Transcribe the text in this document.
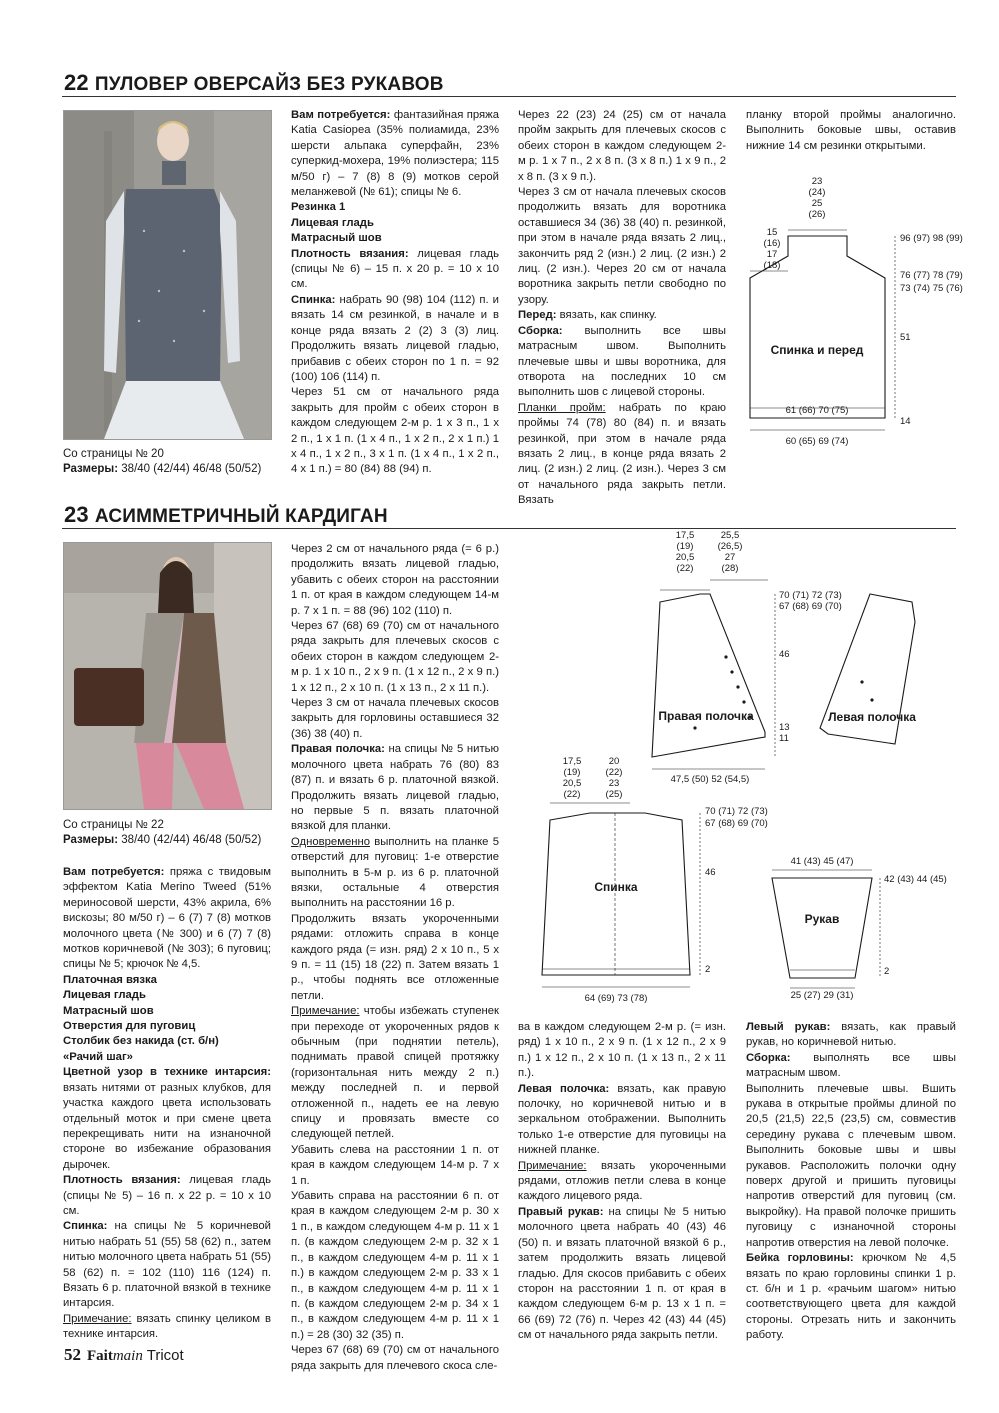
22 ПУЛОВЕР ОВЕРСАЙЗ БЕЗ РУКАВОВ
Со страницы № 20
Размеры: 38/40 (42/44) 46/48 (50/52)

Вам потребуется: фантазийная пряжа Katia Casiopea (35% полиамида, 23% шерсти альпака суперфайн, 23% суперкид-мохера, 19% полиэстера; 115 м/50 г) – 7 (8) 8 (9) мотков серой меланжевой (№ 61); спицы № 6.

Резинка 1

Лицевая гладь

Матрасный шов

Плотность вязания: лицевая гладь (спицы № 6) – 15 п. х 20 р. = 10 х 10 см.

Спинка: набрать 90 (98) 104 (112) п. и вязать 14 см резинкой, в начале и в конце ряда вязать 2 (2) 3 (3) лиц. Продолжить вязать лицевой гладью, прибавив с обеих сторон по 1 п. = 92 (100) 106 (114) п.

Через 51 см от начального ряда закрыть для пройм с обеих сторон в каждом следующем 2-м р. 1 х 3 п., 1 х 2 п., 1 х 1 п. (1 х 4 п., 1 х 2 п., 2 х 1 п.) 1 х 4 п., 1 х 2 п., 3 х 1 п. (1 х 4 п., 1 х 2 п., 4 х 1 п.) = 80 (84) 88 (94) п.

Через 22 (23) 24 (25) см от начала пройм закрыть для плечевых скосов с обеих сторон в каждом следующем 2-м р. 1 х 7 п., 2 х 8 п. (3 х 8 п.) 1 х 9 п., 2 х 8 п. (3 х 9 п.).

Через 3 см от начала плечевых скосов продолжить вязать для воротника оставшиеся 34 (36) 38 (40) п. резинкой, при этом в начале ряда вязать 2 лиц., закончить ряд 2 (изн.) 2 лиц. (2 изн.) 2 лиц. (2 изн.). Через 20 см от начала воротника закрыть петли свободно по узору.

Перед: вязать, как спинку.

Сборка: выполнить все швы матрасным швом. Выполнить плечевые швы и швы воротника, для отворота на последних 10 см выполнить шов с лицевой стороны.

Планки пройм: набрать по краю проймы 74 (78) 80 (84) п. и вязать резинкой, при этом в начале ряда вязать 2 лиц., в конце ряда вязать 2 лиц. (2 изн.) 2 лиц. (2 изн.). Через 3 см от начального ряда закрыть петли. Вязать

планку второй проймы аналогично. Выполнить боковые швы, оставив нижние 14 см резинки открытыми.

23
(24)
25
(26)
15
(16)
17
(18)
61 (66) 70 (75)
60 (65) 69 (74)
96 (97) 98 (99)
76 (77) 78 (79)
73 (74) 75 (76)
51
14
Спинка и перед
23 АСИММЕТРИЧНЫЙ КАРДИГАН
Со страницы № 22
Размеры: 38/40 (42/44) 46/48 (50/52)

Вам потребуется: пряжа с твидовым эффектом Katia Merino Tweed (51% мериносовой шерсти, 43% акрила, 6% вискозы; 80 м/50 г) – 6 (7) 7 (8) мотков молочного цвета (№ 300) и 6 (7) 7 (8) мотков коричневой (№ 303); 6 пуговиц; спицы № 5; крючок № 4,5.

Платочная вязка

Лицевая гладь

Матрасный шов

Отверстия для пуговиц

Столбик без накида (ст. б/н)

«Рачий шаг»

Цветной узор в технике интарсия: вязать нитями от разных клубков, для участка каждого цвета использовать отдельный моток и при смене цвета перекрещивать нити на изнаночной стороне во избежание образования дырочек.

Плотность вязания: лицевая гладь (спицы № 5) – 16 п. х 22 р. = 10 х 10 см.

Спинка: на спицы № 5 коричневой нитью набрать 51 (55) 58 (62) п., затем нитью молочного цвета набрать 51 (55) 58 (62) п. = 102 (110) 116 (124) п. Вязать 6 р. платочной вязкой в технике интарсия.

Примечание: вязать спинку целиком в технике интарсия.

Через 2 см от начального ряда (= 6 р.) продолжить вязать лицевой гладью, убавить с обеих сторон на расстоянии 1 п. от края в каждом следующем 14-м р. 7 х 1 п. = 88 (96) 102 (110) п.

Через 67 (68) 69 (70) см от начального ряда закрыть для плечевых скосов с обеих сторон в каждом следующем 2-м р. 1 х 10 п., 2 х 9 п. (1 х 12 п., 2 х 9 п.) 1 х 12 п., 2 х 10 п. (1 х 13 п., 2 х 11 п.).

Через 3 см от начала плечевых скосов закрыть для горловины оставшиеся 32 (36) 38 (40) п.

Правая полочка: на спицы № 5 нитью молочного цвета набрать 76 (80) 83 (87) п. и вязать 6 р. платочной вязкой. Продолжить вязать лицевой гладью, но первые 5 п. вязать платочной вязкой для планки.

Одновременно выполнить на планке 5 отверстий для пуговиц: 1-е отверстие выполнить в 5-м р. из 6 р. платочной вязки, остальные 4 отверстия выполнить на расстоянии 16 р.

Продолжить вязать укороченными рядами: отложить справа в конце каждого ряда (= изн. ряд) 2 х 10 п., 5 х 9 п. = 11 (15) 18 (22) п. Затем вязать 1 р., чтобы поднять все отложенные петли.

Примечание: чтобы избежать ступенек при переходе от укороченных рядов к обычным (при поднятии петель), поднимать правой спицей протяжку (горизонтальная нить между 2 п.) между последней п. и первой отложенной п., надеть ее на левую спицу и провязать вместе со следующей петлей.

Убавить слева на расстоянии 1 п. от края в каждом следующем 14-м р. 7 х 1 п.

Убавить справа на расстоянии 6 п. от края в каждом следующем 2-м р. 30 х 1 п., в каждом следующем 4-м р. 11 х 1 п. (в каждом следующем 2-м р. 32 х 1 п., в каждом следующем 4-м р. 11 х 1 п.) в каждом следующем 2-м р. 33 х 1 п., в каждом следующем 4-м р. 11 х 1 п. (в каждом следующем 2-м р. 34 х 1 п., в каждом следующем 4-м р. 11 х 1 п.) = 28 (30) 32 (35) п.

Через 67 (68) 69 (70) см от начального ряда закрыть для плечевого скоса сле-

ва в каждом следующем 2-м р. (= изн. ряд) 1 х 10 п., 2 х 9 п. (1 х 12 п., 2 х 9 п.) 1 х 12 п., 2 х 10 п. (1 х 13 п., 2 х 11 п.).

Левая полочка: вязать, как правую полочку, но коричневой нитью и в зеркальном отображении. Выполнить только 1-е отверстие для пуговицы на нижней планке.

Примечание: вязать укороченными рядами, отложив петли слева в конце каждого лицевого ряда.

Правый рукав: на спицы № 5 нитью молочного цвета набрать 40 (43) 46 (50) п. и вязать платочной вязкой 6 р., затем продолжить вязать лицевой гладью. Для скосов прибавить с обеих сторон на расстоянии 1 п. от края в каждом следующем 6-м р. 13 х 1 п. = 66 (69) 72 (76) п. Через 42 (43) 44 (45) см от начального ряда закрыть петли.

Левый рукав: вязать, как правый рукав, но коричневой нитью.

Сборка: выполнять все швы матрасным швом.

Выполнить плечевые швы. Вшить рукава в открытые проймы длиной по 20,5 (21,5) 22,5 (23,5) см, совместив середину рукава с плечевым швом. Выполнить боковые швы и швы рукавов. Расположить полочки одну поверх другой и пришить пуговицы напротив отверстий для пуговиц (см. выкройку). На правой полочке пришить пуговицу с изнаночной стороны напротив отверстия на левой полочке.

Бейка горловины: крючком № 4,5 вязать по краю горловины спинки 1 р. ст. б/н и 1 р. «рачьим шагом» нитью соответствующего цвета для каждой стороны. Отрезать нить и закончить работу.

17,5
(19)
20,5
(22)
25,5
(26,5)
27
(28)
47,5 (50) 52 (54,5)
70 (71) 72 (73)
67 (68) 69 (70)
46
13
11
Правая полочка	Левая полочка
17,5
(19)
20,5
(22)
20
(22)
23
(25)
64 (69) 73 (78)
70 (71) 72 (73)
67 (68) 69 (70)
46
2
Спинка
41 (43) 45 (47)
25 (27) 29 (31)
42 (43) 44 (45)
2
Рукав
52 Faitmain Tricot
